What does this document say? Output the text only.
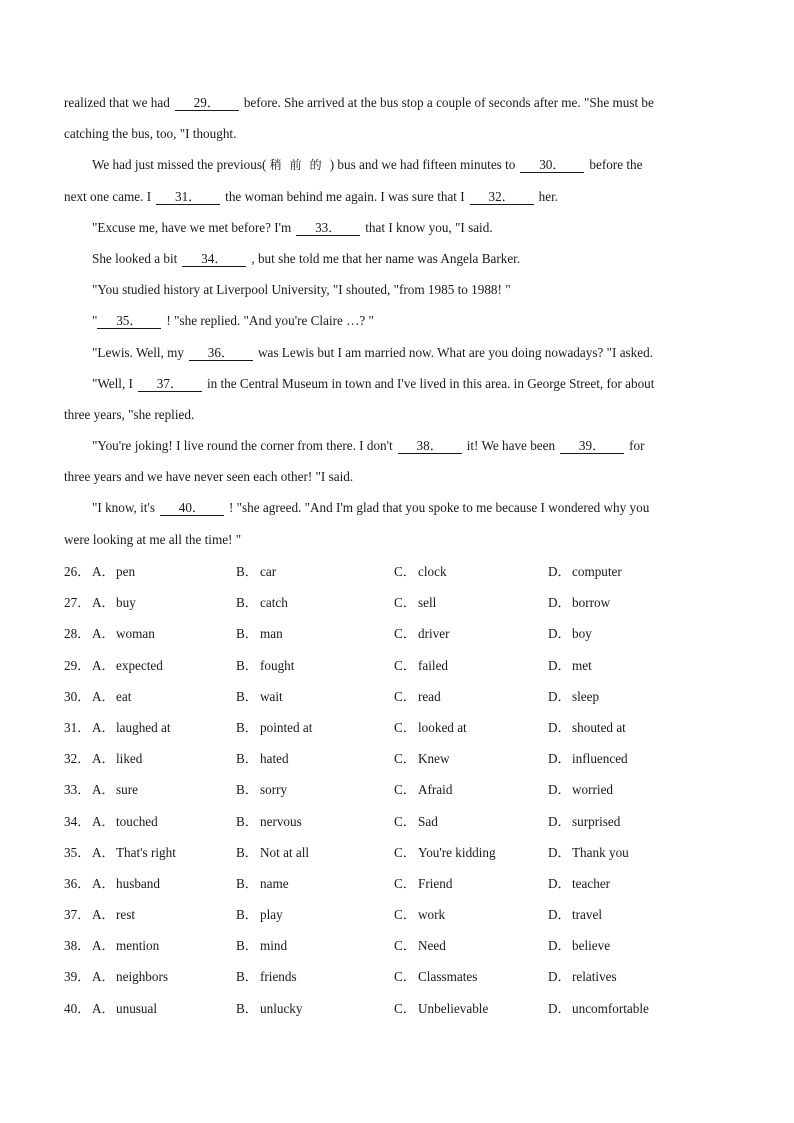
realized that we had 29． before. She arrived at the bus stop a couple of seconds after me. "She must be
catching the bus, too, "I thought.
We had just missed the previous( 稍前的) bus and we had fifteen minutes to 30． before the
next one came. I 31． the woman behind me again. I was sure that I 32． her.
"Excuse me, have we met before? I'm 33． that I know you, "I said.
She looked a bit 34． , but she told me that her name was Angela Barker.
"You studied history at Liverpool University, "I shouted, "from 1985 to 1988! "
" 35． ! "she replied. "And you're Claire …? "
"Lewis. Well, my 36． was Lewis but I am married now. What are you doing nowadays? "I asked.
"Well, I 37． in the Central Museum in town and I've lived in this area. in George Street, for about
three years, "she replied.
"You're joking! I live round the corner from there. I don't 38． it! We have been 39． for
three years and we have never seen each other! "I said.
"I know, it's 40． ! "she agreed. "And I'm glad that you spoke to me because I wondered why you
were looking at me all the time! "
26． A．pen	B． car	C． clock	D．computer
27． A．buy	B． catch	C． sell	D．borrow
28． A．woman	B． man	C． driver	D．boy
29． A．expected	B． fought	C． failed	D．met
30． A．eat	B． wait	C． read	D．sleep
31． A．laughed at	B． pointed at	C． looked at	D．shouted at
32． A．liked	B． hated	C． Knew	D．influenced
33． A．sure	B． sorry	C． Afraid	D．worried
34． A．touched	B． nervous	C． Sad	D．surprised
35． A．That's right	B． Not at all	C． You're kidding	D．Thank you
36． A．husband	B． name	C． Friend	D．teacher
37． A．rest	B． play	C． work	D．travel
38． A．mention	B． mind	C． Need	D．believe
39． A．neighbors	B． friends	C． Classmates	D．relatives
40． A．unusual	B． unlucky	C． Unbelievable	D．uncomfortable
